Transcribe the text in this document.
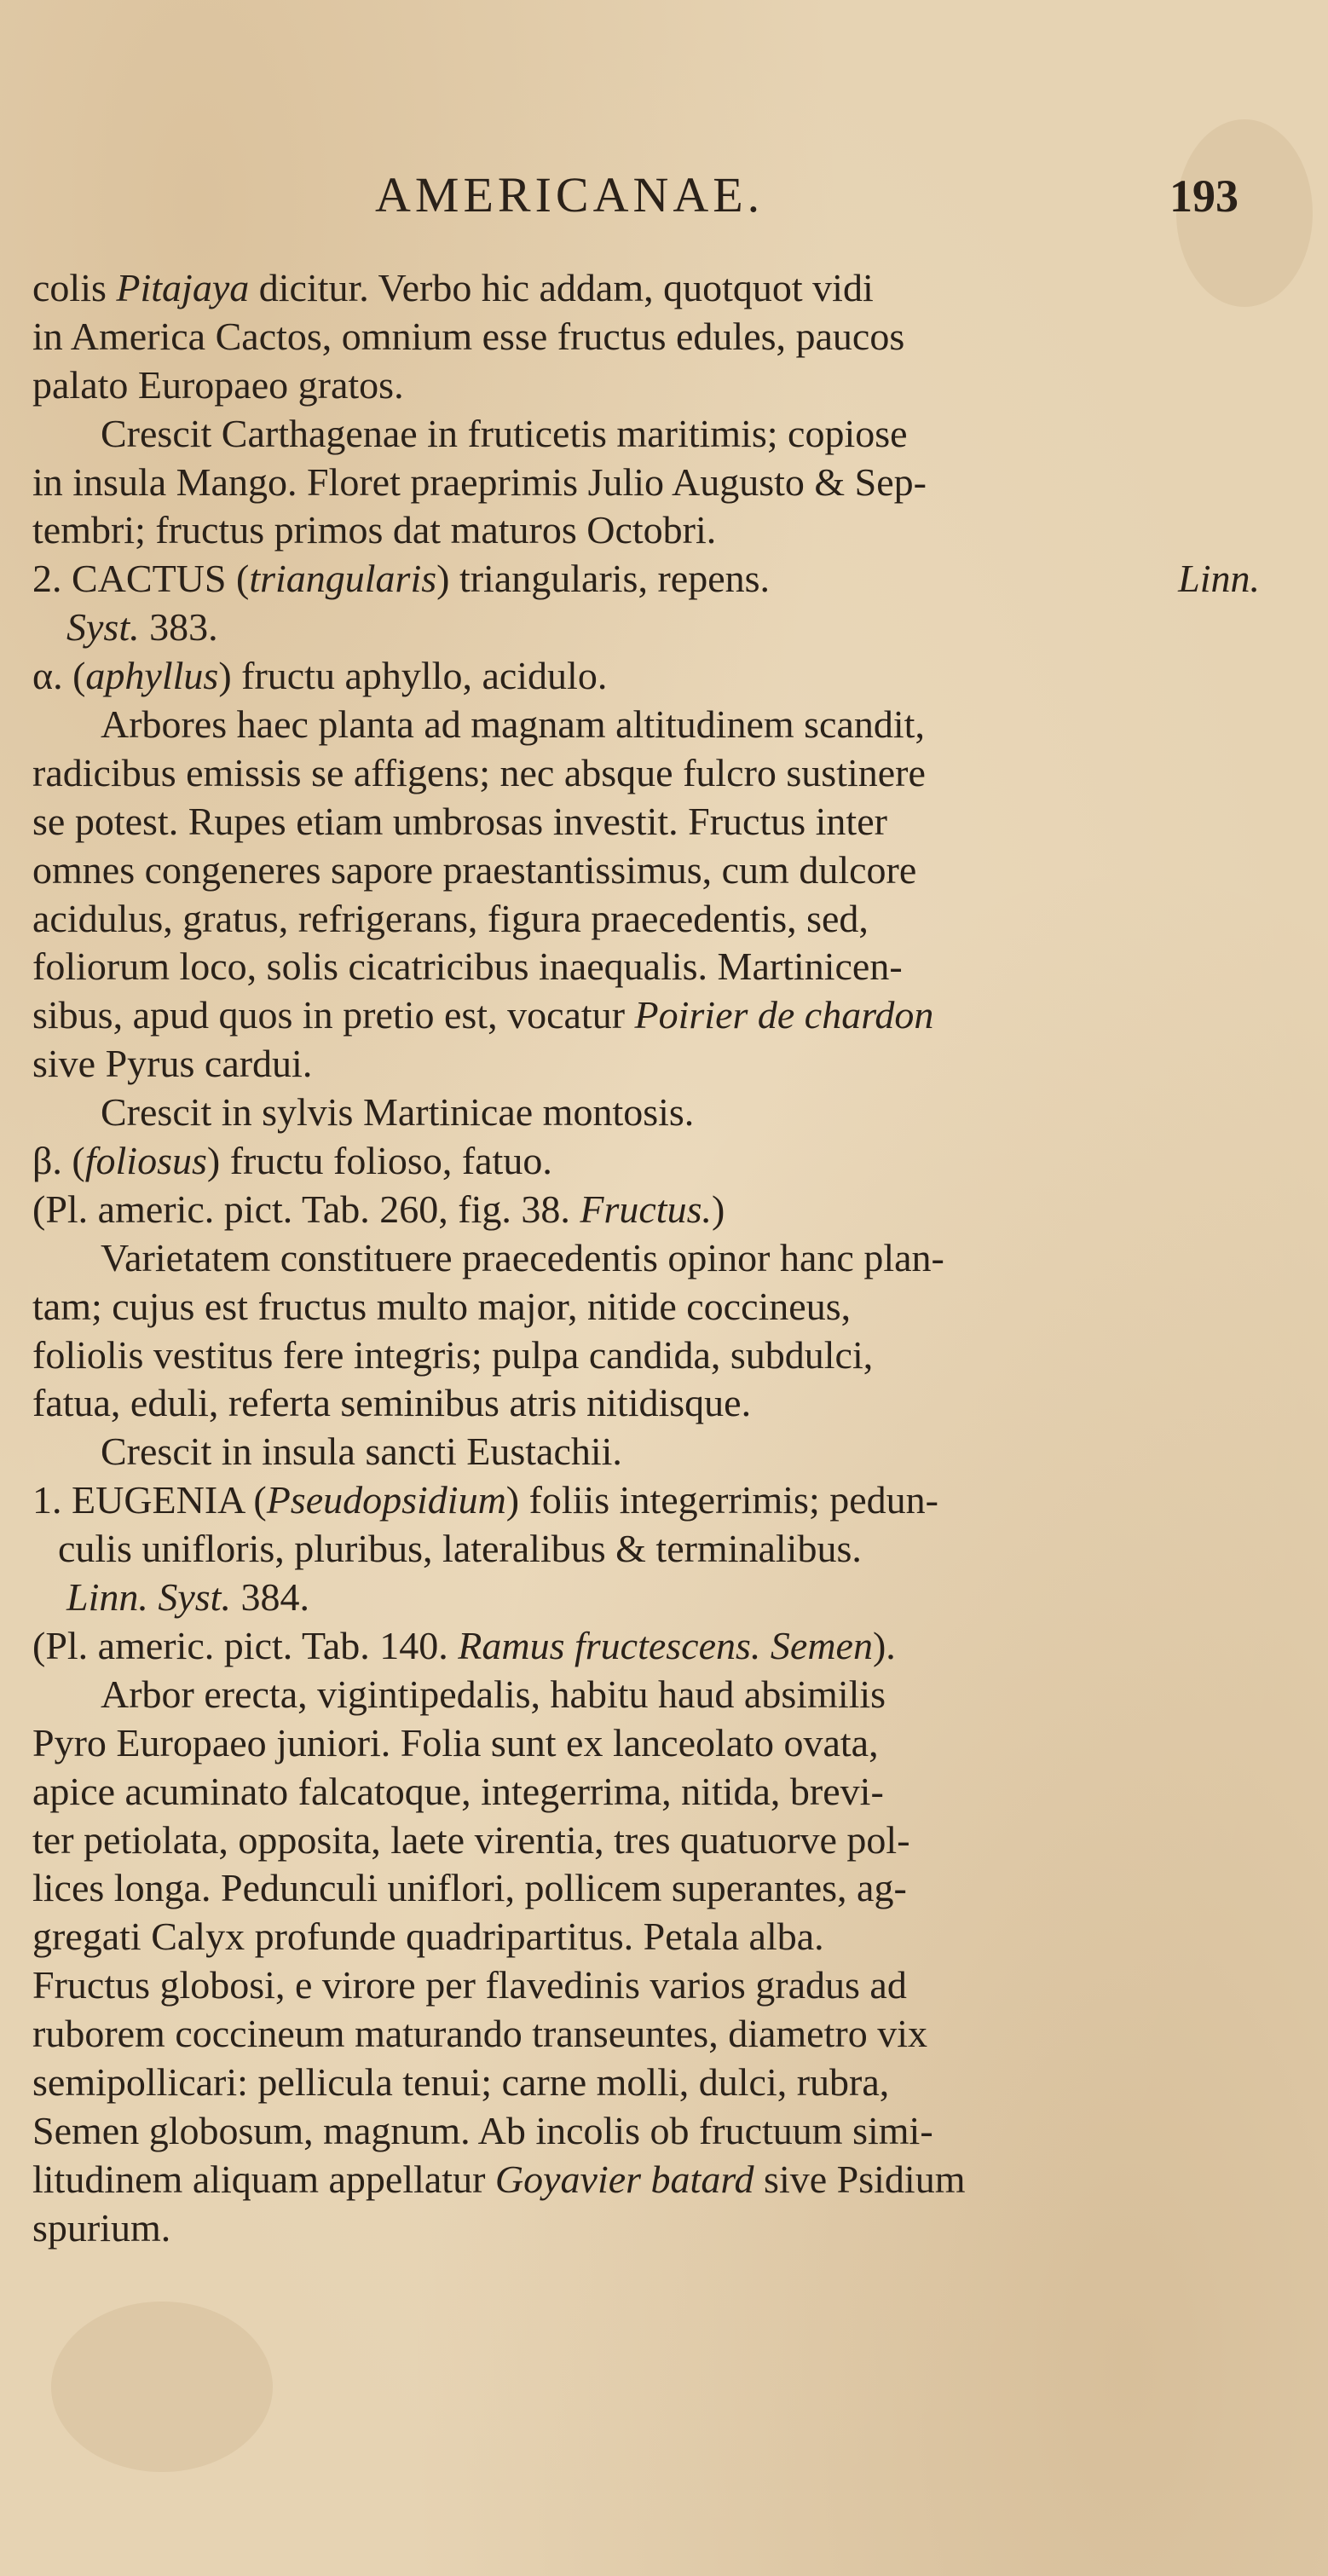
AMERICANAE.	193
colis Pitajaya dicitur. Verbo hic addam, quotquot vidi
in America Cactos, omnium esse fructus edules, paucos
palato Europaeo gratos.
Crescit Carthagenae in fruticetis maritimis; copiose
in insula Mango. Floret praeprimis Julio Augusto & Sep-
tembri; fructus primos dat maturos Octobri.
2. CACTUS (triangularis) triangularis, repens.	Linn.
Syst. 383.
α. (aphyllus) fructu aphyllo, acidulo.
Arbores haec planta ad magnam altitudinem scandit,
radicibus emissis se affigens; nec absque fulcro sustinere
se potest. Rupes etiam umbrosas investit. Fructus inter
omnes congeneres sapore praestantissimus, cum dulcore
acidulus, gratus, refrigerans, figura praecedentis, sed,
foliorum loco, solis cicatricibus inaequalis. Martinicen-
sibus, apud quos in pretio est, vocatur Poirier de chardon
sive Pyrus cardui.
Crescit in sylvis Martinicae montosis.
β. (foliosus) fructu folioso, fatuo.
(Pl. americ. pict. Tab. 260, fig. 38. Fructus.)
Varietatem constituere praecedentis opinor hanc plan-
tam; cujus est fructus multo major, nitide coccineus,
foliolis vestitus fere integris; pulpa candida, subdulci,
fatua, eduli, referta seminibus atris nitidisque.
Crescit in insula sancti Eustachii.
1. EUGENIA (Pseudopsidium) foliis integerrimis; pedun-
culis unifloris, pluribus, lateralibus & terminalibus.
Linn. Syst. 384.
(Pl. americ. pict. Tab. 140. Ramus fructescens. Semen).
Arbor erecta, vigintipedalis, habitu haud absimilis
Pyro Europaeo juniori. Folia sunt ex lanceolato ovata,
apice acuminato falcatoque, integerrima, nitida, brevi-
ter petiolata, opposita, laete virentia, tres quatuorve pol-
lices longa. Pedunculi uniflori, pollicem superantes, ag-
gregati Calyx profunde quadripartitus. Petala alba.
Fructus globosi, e virore per flavedinis varios gradus ad
ruborem coccineum maturando transeuntes, diametro vix
semipollicari: pellicula tenui; carne molli, dulci, rubra,
Semen globosum, magnum. Ab incolis ob fructuum simi-
litudinem aliquam appellatur Goyavier batard sive Psidium
spurium.
